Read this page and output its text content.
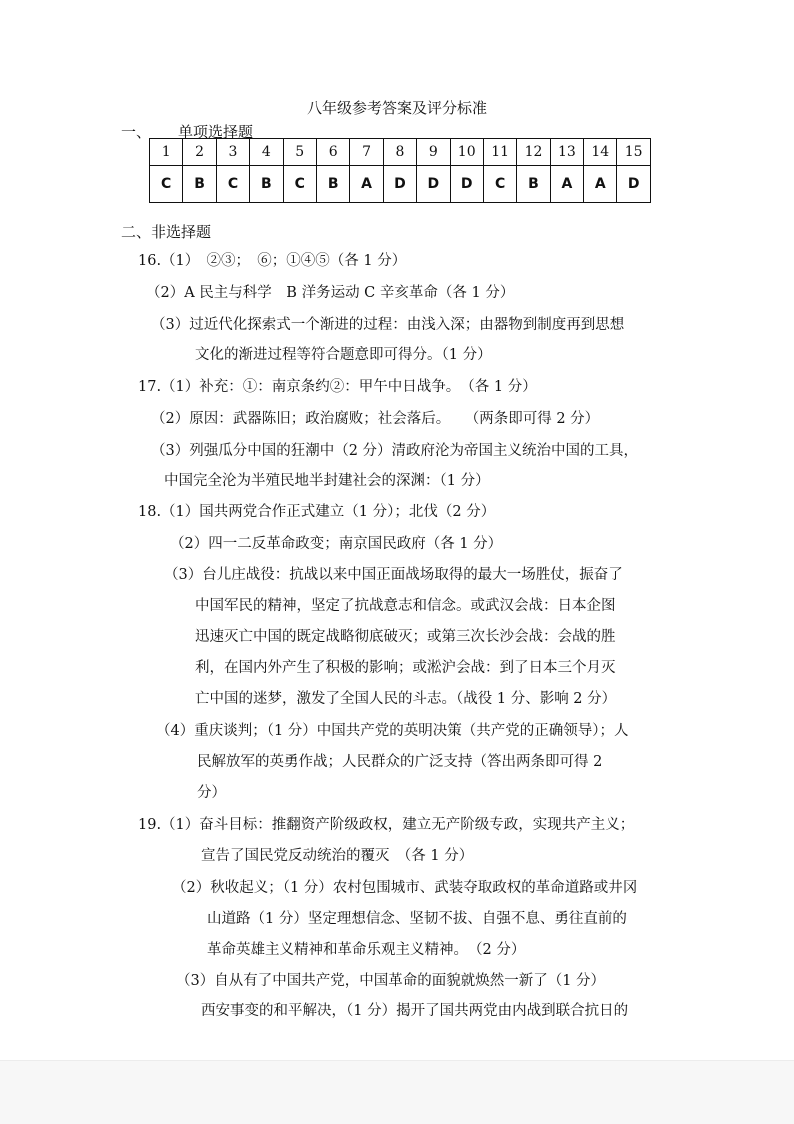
八年级参考答案及评分标准
一、 单项选择题
1	2	3	4	5	6	7	8	9	10	11	12	13	14	15
C	B	C	B	C	B	A	D	D	D	C	B	A	A	D
二、非选择题
16.（1）　②③；　⑥；①④⑤（各 1 分）
（2）A 民主与科学　B 洋务运动 C 辛亥革命（各 1 分）
（3）过近代化探索式一个渐进的过程：由浅入深；由器物到制度再到思想
文化的渐进过程等符合题意即可得分。（1 分）
17.（1）补充：①：南京条约②：甲午中日战争。　（各 1 分）
（2）原因：武器陈旧；政治腐败；社会落后。　　（两条即可得 2 分）
（3）列强瓜分中国的狂潮中（2 分）清政府沦为帝国主义统治中国的工具，
中国完全沦为半殖民地半封建社会的深渊：（1 分）
18.（1）国共两党合作正式建立（1 分）；北伐（2 分）
（2）四一二反革命政变；南京国民政府（各 1 分）
（3）台儿庄战役：抗战以来中国正面战场取得的最大一场胜仗，振奋了
中国军民的精神，坚定了抗战意志和信念。或武汉会战：日本企图
迅速灭亡中国的既定战略彻底破灭；或第三次长沙会战：会战的胜
利，在国内外产生了积极的影响；或淞沪会战：到了日本三个月灭
亡中国的迷梦，激发了全国人民的斗志。（战役 1 分、影响 2 分）
（4）重庆谈判；（1 分）中国共产党的英明决策（共产党的正确领导）；人
民解放军的英勇作战；人民群众的广泛支持（答出两条即可得 2
分）
19.（1）奋斗目标：推翻资产阶级政权，建立无产阶级专政，实现共产主义；
宣告了国民党反动统治的覆灭　（各 1 分）
（2）秋收起义；（1 分）农村包围城市、武装夺取政权的革命道路或井冈
山道路（1 分）坚定理想信念、坚韧不拔、自强不息、勇往直前的
革命英雄主义精神和革命乐观主义精神。　（2 分）
（3）自从有了中国共产党，中国革命的面貌就焕然一新了（1 分）
西安事变的和平解决，（1 分）揭开了国共两党由内战到联合抗日的
